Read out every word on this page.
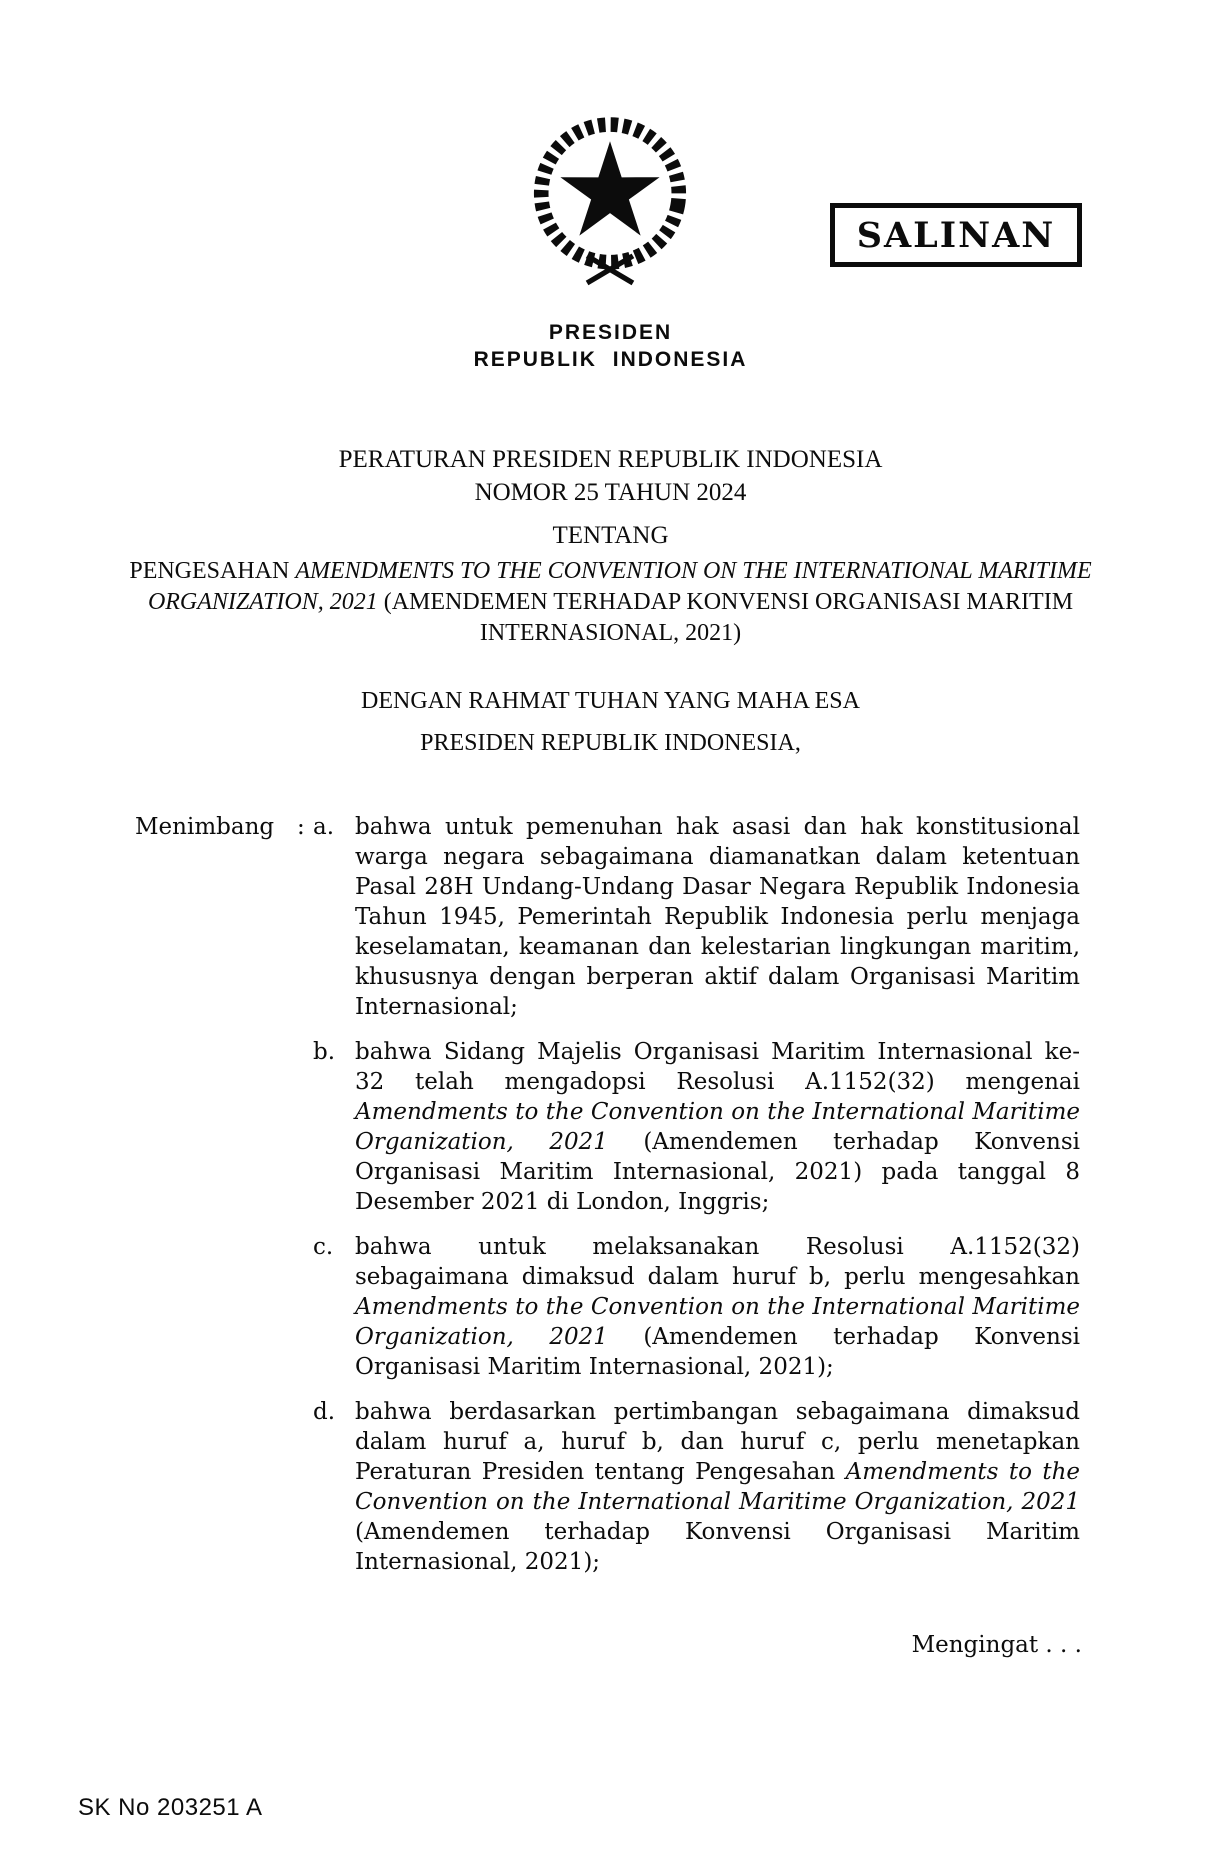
SALINAN
PRESIDEN
REPUBLIK INDONESIA
PERATURAN PRESIDEN REPUBLIK INDONESIA
NOMOR 25 TAHUN 2024
TENTANG
PENGESAHAN AMENDMENTS TO THE CONVENTION ON THE INTERNATIONAL MARITIME ORGANIZATION, 2021 (AMENDEMEN TERHADAP KONVENSI ORGANISASI MARITIM INTERNASIONAL, 2021)
DENGAN RAHMAT TUHAN YANG MAHA ESA
PRESIDEN REPUBLIK INDONESIA,
Menimbang : a. bahwa untuk pemenuhan hak asasi dan hak konstitusional warga negara sebagaimana diamanatkan dalam ketentuan Pasal 28H Undang-Undang Dasar Negara Republik Indonesia Tahun 1945, Pemerintah Republik Indonesia perlu menjaga keselamatan, keamanan dan kelestarian lingkungan maritim, khususnya dengan berperan aktif dalam Organisasi Maritim Internasional;
b. bahwa Sidang Majelis Organisasi Maritim Internasional ke-32 telah mengadopsi Resolusi A.1152(32) mengenai Amendments to the Convention on the International Maritime Organization, 2021 (Amendemen terhadap Konvensi Organisasi Maritim Internasional, 2021) pada tanggal 8 Desember 2021 di London, Inggris;
c. bahwa untuk melaksanakan Resolusi A.1152(32) sebagaimana dimaksud dalam huruf b, perlu mengesahkan Amendments to the Convention on the International Maritime Organization, 2021 (Amendemen terhadap Konvensi Organisasi Maritim Internasional, 2021);
d. bahwa berdasarkan pertimbangan sebagaimana dimaksud dalam huruf a, huruf b, dan huruf c, perlu menetapkan Peraturan Presiden tentang Pengesahan Amendments to the Convention on the International Maritime Organization, 2021 (Amendemen terhadap Konvensi Organisasi Maritim Internasional, 2021);
Mengingat . . .
SK No 203251 A
